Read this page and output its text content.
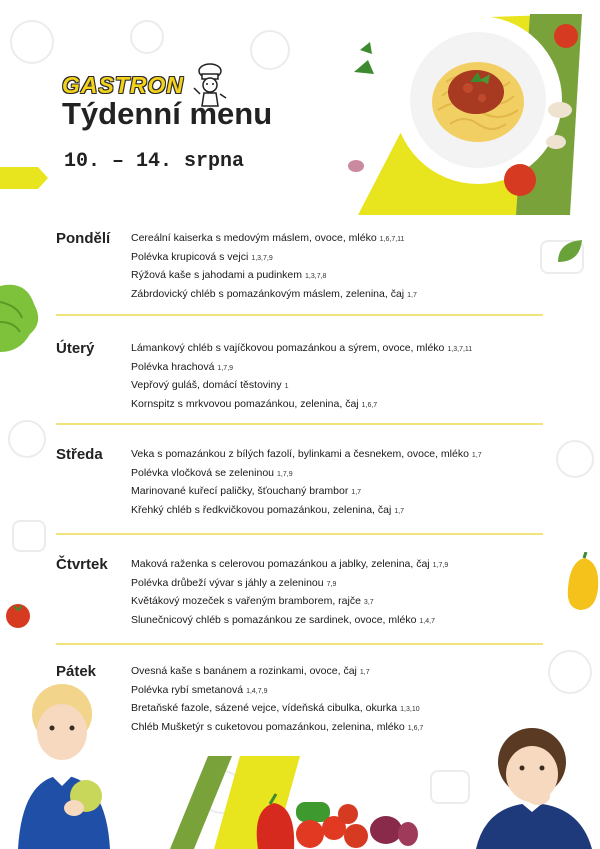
GASTRON
Týdenní menu
10. – 14. srpna
Pondělí	Cereální kaiserka s medovým máslem, ovoce, mléko 1,6,7,11
Polévka krupicová s vejci 1,3,7,9
Rýžová kaše s jahodami a pudinkem 1,3,7,8
Zábrdovický chléb s pomazánkovým máslem, zelenina, čaj 1,7
Úterý	Lámankový chléb s vajíčkovou pomazánkou a sýrem, ovoce, mléko 1,3,7,11
Polévka hrachová 1,7,9
Vepřový guláš, domácí těstoviny 1
Kornspitz s mrkvovou pomazánkou, zelenina, čaj 1,6,7
Středa	Veka s pomazánkou z bílých fazolí, bylinkami a česnekem, ovoce, mléko 1,7
Polévka vločková se zeleninou 1,7,9
Marinované kuřecí paličky, šťouchaný brambor 1,7
Křehký chléb s ředkvičkovou pomazánkou, zelenina, čaj 1,7
Čtvrtek	Maková raženka s celerovou pomazánkou a jablky, zelenina, čaj 1,7,9
Polévka drůbeží vývar s jáhly a zeleninou 7,9
Květákový mozeček s vařeným bramborem, rajče 3,7
Slunečnicový chléb s pomazánkou ze sardinek, ovoce, mléko 1,4,7
Pátek	Ovesná kaše s banánem a rozinkami, ovoce, čaj 1,7
Polévka rybí smetanová 1,4,7,9
Bretaňské fazole, sázené vejce, vídeňská cibulka, okurka 1,3,10
Chléb Mušketýr s cuketovou pomazánkou, zelenina, mléko 1,6,7
